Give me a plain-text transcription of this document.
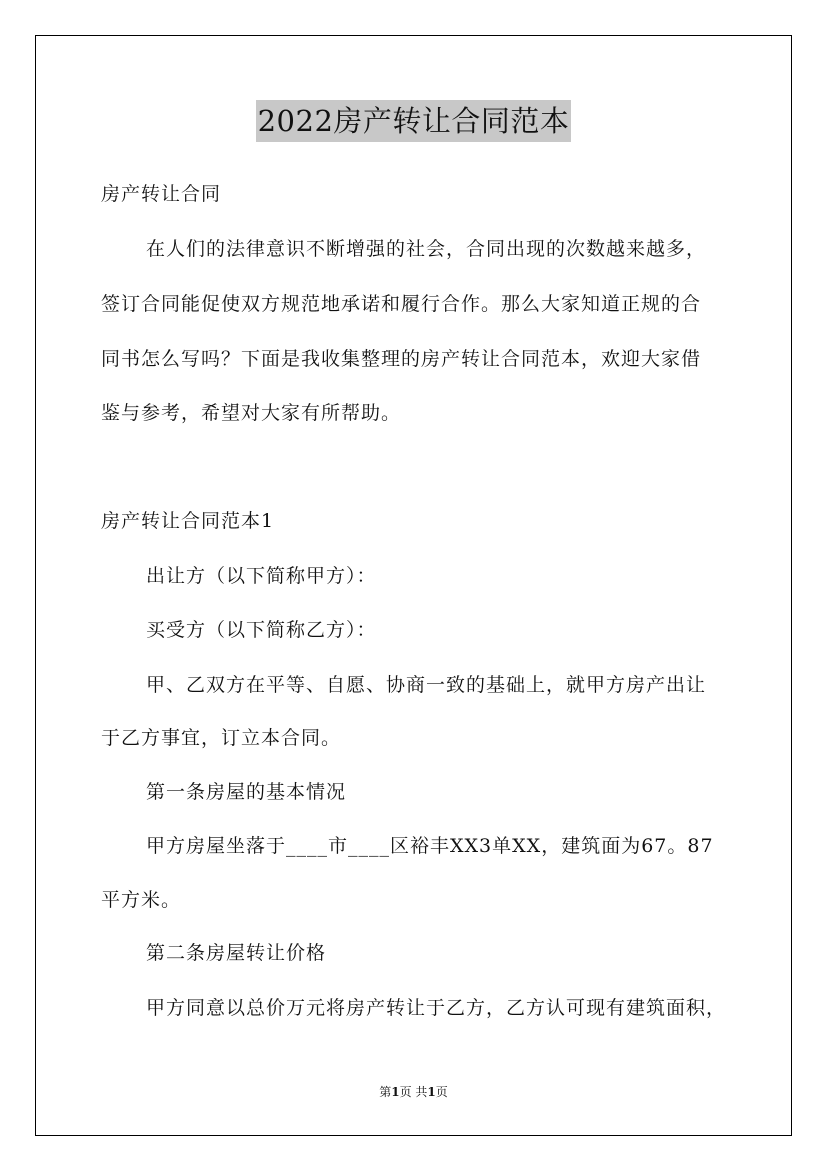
2022房产转让合同范本
房产转让合同
在人们的法律意识不断增强的社会，合同出现的次数越来越多，
签订合同能促使双方规范地承诺和履行合作。那么大家知道正规的合
同书怎么写吗？下面是我收集整理的房产转让合同范本，欢迎大家借
鉴与参考，希望对大家有所帮助。
房产转让合同范本1
出让方（以下简称甲方）：
买受方（以下简称乙方）：
甲、乙双方在平等、自愿、协商一致的基础上，就甲方房产出让
于乙方事宜，订立本合同。
第一条房屋的基本情况
甲方房屋坐落于____市____区裕丰XX3单XX，建筑面为67。87
平方米。
第二条房屋转让价格
甲方同意以总价万元将房产转让于乙方，乙方认可现有建筑面积，
第1页 共1页
